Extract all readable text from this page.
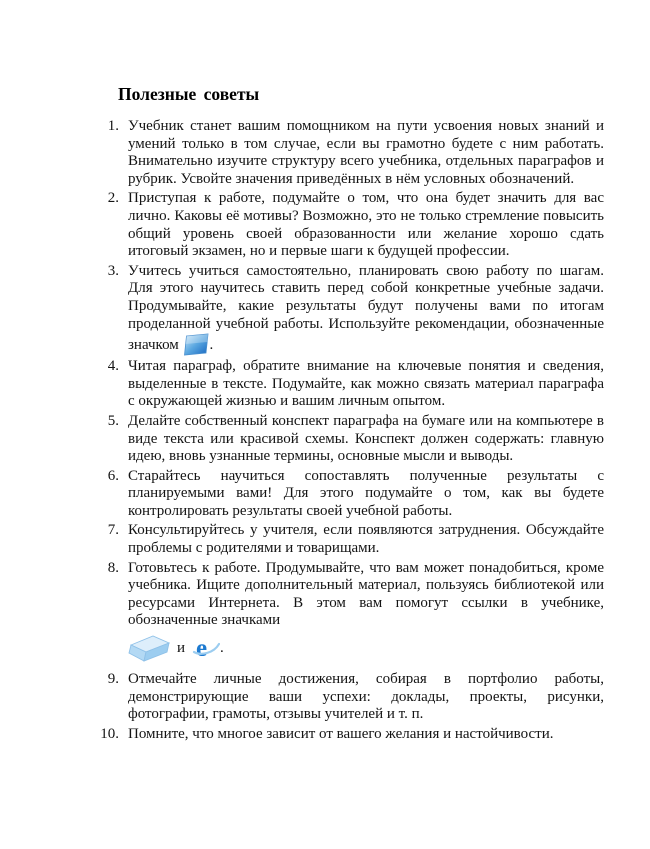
Полезные советы
1. Учебник станет вашим помощником на пути усвоения новых знаний и умений только в том случае, если вы грамотно будете с ним работать. Внимательно изучите структуру всего учебника, отдельных параграфов и рубрик. Усвойте значения приведённых в нём условных обозначений.
2. Приступая к работе, подумайте о том, что она будет значить для вас лично. Каковы её мотивы? Возможно, это не только стремление повысить общий уровень своей образованности или желание хорошо сдать итоговый экзамен, но и первые шаги к будущей профессии.
3. Учитесь учиться самостоятельно, планировать свою работу по шагам. Для этого научитесь ставить перед собой конкретные учебные задачи. Продумывайте, какие результаты будут получены вами по итогам проделанной учебной работы. Используйте рекомендации, обозначенные значком .
4. Читая параграф, обратите внимание на ключевые понятия и сведения, выделенные в тексте. Подумайте, как можно связать материал параграфа с окружающей жизнью и вашим личным опытом.
5. Делайте собственный конспект параграфа на бумаге или на компьютере в виде текста или красивой схемы. Конспект должен содержать: главную идею, вновь узнанные термины, основные мысли и выводы.
6. Старайтесь научиться сопоставлять полученные результаты с планируемыми вами! Для этого подумайте о том, как вы будете контролировать результаты своей учебной работы.
7. Консультируйтесь у учителя, если появляются затруднения. Обсуждайте проблемы с родителями и товарищами.
8. Готовьтесь к работе. Продумывайте, что вам может понадобиться, кроме учебника. Ищите дополнительный материал, пользуясь библиотекой или ресурсами Интернета. В этом вам помогут ссылки в учебнике, обозначенные значками
и e .
9. Отмечайте личные достижения, собирая в портфолио работы, демонстрирующие ваши успехи: доклады, проекты, рисунки, фотографии, грамоты, отзывы учителей и т. п.
10. Помните, что многое зависит от вашего желания и настойчивости.
